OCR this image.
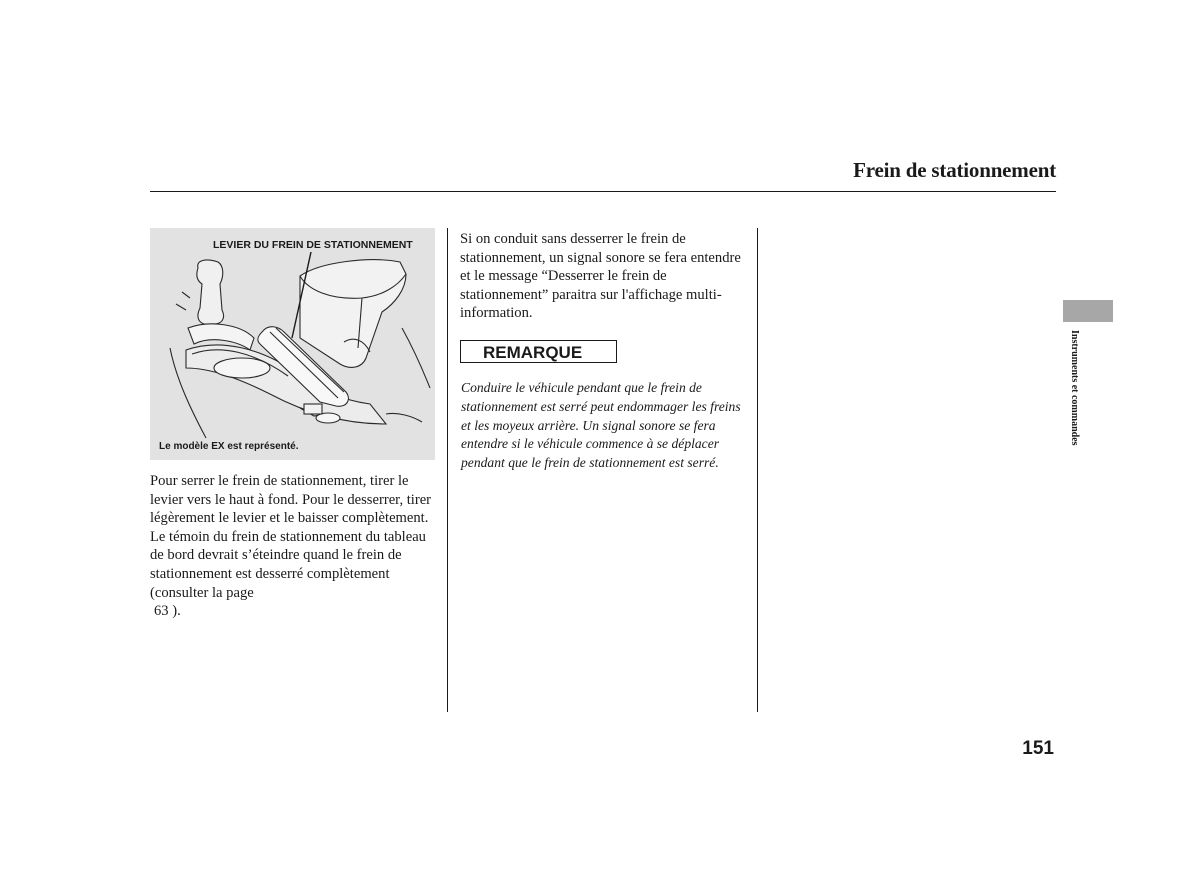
Frein de stationnement
LEVIER DU FREIN DE STATIONNEMENT
Le modèle EX est représenté.
Pour serrer le frein de stationnement, tirer le levier vers le haut à fond. Pour le desserrer, tirer légèrement le levier et le baisser complètement. Le témoin du frein de stationnement du tableau de bord devrait s’éteindre quand le frein de stationnement est desserré complètement (consulter la page
63 ).
Si on conduit sans desserrer le frein de stationnement, un signal sonore se fera entendre et le message “Desserrer le frein de stationnement” paraitra sur l'affichage multi-information.
REMARQUE
Conduire le véhicule pendant que le frein de stationnement est serré peut endommager les freins et les moyeux arrière. Un signal sonore se fera entendre si le véhicule commence à se déplacer pendant que le frein de stationnement est serré.
Instruments et commandes
151
